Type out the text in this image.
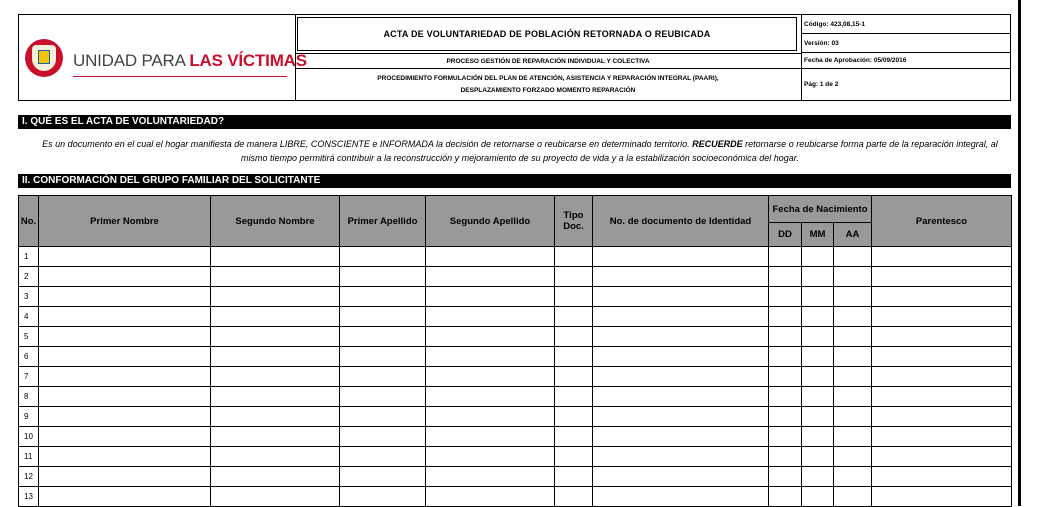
UNIDAD PARA LAS VÍCTIMAS
ACTA DE VOLUNTARIEDAD DE POBLACIÓN RETORNADA O REUBICADA
PROCESO GESTIÓN DE REPARACIÓN INDIVIDUAL Y COLECTIVA
PROCEDIMIENTO FORMULACIÓN DEL PLAN DE ATENCIÓN, ASISTENCIA Y REPARACIÓN INTEGRAL (PAARI),
DESPLAZAMIENTO FORZADO MOMENTO REPARACIÓN
Código: 423,08,15-1
Versión: 03
Fecha de Aprobación: 05/09/2016
Pág: 1 de 2
I. QUÉ ES EL ACTA DE VOLUNTARIEDAD?
Es un documento en el cual el hogar manifiesta de manera LIBRE, CONSCIENTE e INFORMADA la decisión de retornarse o reubicarse en determinado territorio. RECUERDE retornarse o reubicarse forma parte de la reparación integral, al mismo tiempo permitirá contribuir a la reconstrucción y mejoramiento de su proyecto de vida y a la estabilización socioeconómica del hogar.
II. CONFORMACIÓN DEL GRUPO FAMILIAR DEL SOLICITANTE
No.	Primer Nombre	Segundo Nombre	Primer Apellido	Segundo Apellido	Tipo Doc.	No. de documento de Identidad	Fecha de Nacimiento			Parentesco
							DD	MM	AA	
1										
2										
3										
4										
5										
6										
7										
8										
9										
10										
11										
12										
13										
